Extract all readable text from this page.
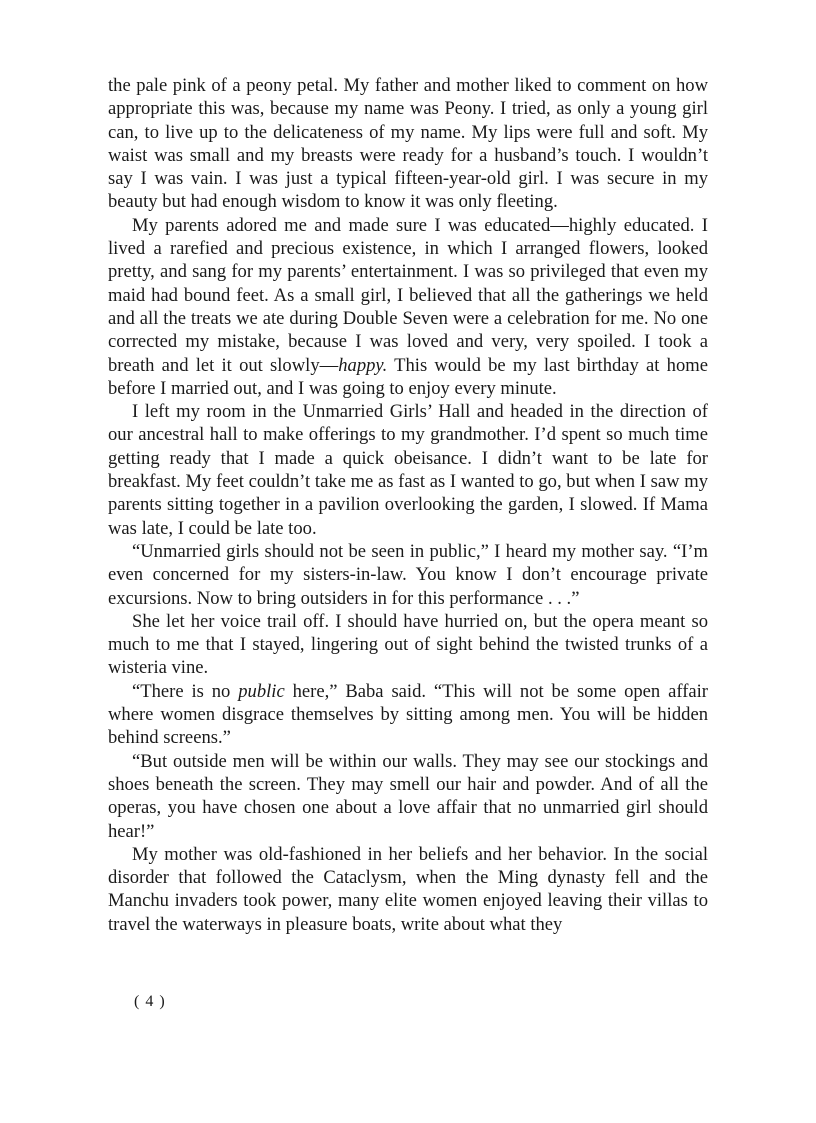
the pale pink of a peony petal. My father and mother liked to comment on how appropriate this was, because my name was Peony. I tried, as only a young girl can, to live up to the delicateness of my name. My lips were full and soft. My waist was small and my breasts were ready for a husband’s touch. I wouldn’t say I was vain. I was just a typical fifteen-year-old girl. I was secure in my beauty but had enough wisdom to know it was only fleeting.

My parents adored me and made sure I was educated—highly educated. I lived a rarefied and precious existence, in which I arranged flowers, looked pretty, and sang for my parents’ entertainment. I was so privileged that even my maid had bound feet. As a small girl, I believed that all the gatherings we held and all the treats we ate during Double Seven were a celebration for me. No one corrected my mistake, because I was loved and very, very spoiled. I took a breath and let it out slowly—happy. This would be my last birthday at home before I married out, and I was going to enjoy every minute.

I left my room in the Unmarried Girls’ Hall and headed in the direction of our ancestral hall to make offerings to my grandmother. I’d spent so much time getting ready that I made a quick obeisance. I didn’t want to be late for breakfast. My feet couldn’t take me as fast as I wanted to go, but when I saw my parents sitting together in a pavilion overlooking the garden, I slowed. If Mama was late, I could be late too.

“Unmarried girls should not be seen in public,” I heard my mother say. “I’m even concerned for my sisters-in-law. You know I don’t encourage private excursions. Now to bring outsiders in for this performance . . .”

She let her voice trail off. I should have hurried on, but the opera meant so much to me that I stayed, lingering out of sight behind the twisted trunks of a wisteria vine.

“There is no public here,” Baba said. “This will not be some open affair where women disgrace themselves by sitting among men. You will be hidden behind screens.”

“But outside men will be within our walls. They may see our stockings and shoes beneath the screen. They may smell our hair and powder. And of all the operas, you have chosen one about a love affair that no unmarried girl should hear!”

My mother was old-fashioned in her beliefs and her behavior. In the social disorder that followed the Cataclysm, when the Ming dynasty fell and the Manchu invaders took power, many elite women enjoyed leaving their villas to travel the waterways in pleasure boats, write about what they

( 4 )
